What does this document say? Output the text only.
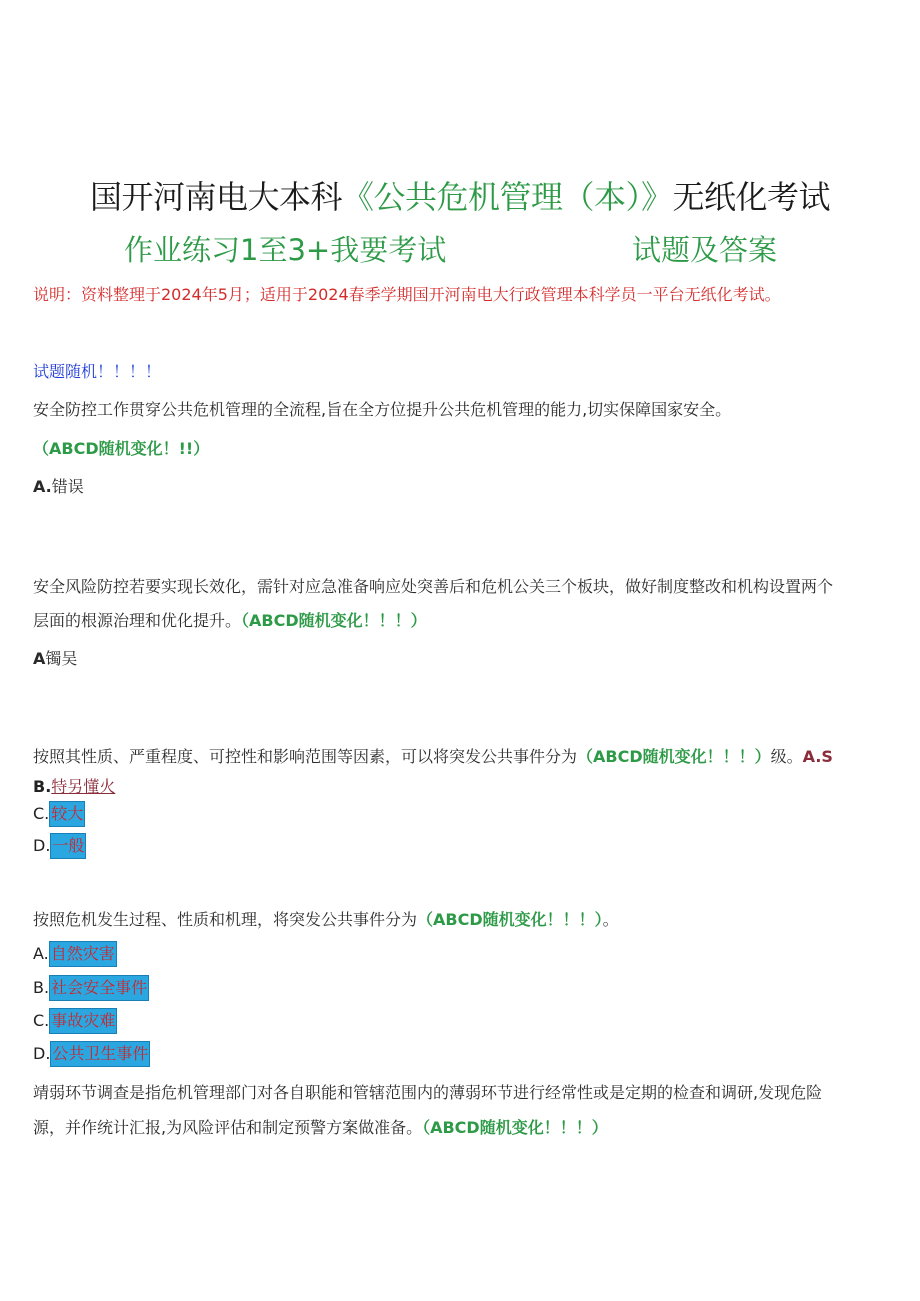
国开河南电大本科《公共危机管理（本）》无纸化考试
作业练习1至3+我要考试	试题及答案
说明：资料整理于2024年5月；适用于2024春季学期国开河南电大行政管理本科学员一平台无纸化考试。
试题随机！！！！
安全防控工作贯穿公共危机管理的全流程,旨在全方位提升公共危机管理的能力,切实保障国家安全。
（ABCD随机变化！!!）
A.错误
安全风险防控若要实现长效化，需针对应急准备响应处突善后和危机公关三个板块，做好制度整改和机构设置两个
层面的根源治理和优化提升。（ABCD随机变化！！！）
A镯吴
按照其性质、严重程度、可控性和影响范围等因素，可以将突发公共事件分为（ABCD随机变化！！！）级。A.S
B.特另懂火
C. 较大
D. 一般
按照危机发生过程、性质和机理，将突发公共事件分为（ABCD随机变化！！！）。
A. 自然灾害
B. 社会安全事件
C. 事故灾难
D. 公共卫生事件
靖弱环节调查是指危机管理部门对各自职能和管辖范围内的薄弱环节进行经常性或是定期的检查和调研,发现危险
源，并作统计汇报,为风险评估和制定预警方案做准备。（ABCD随机变化！！！）
